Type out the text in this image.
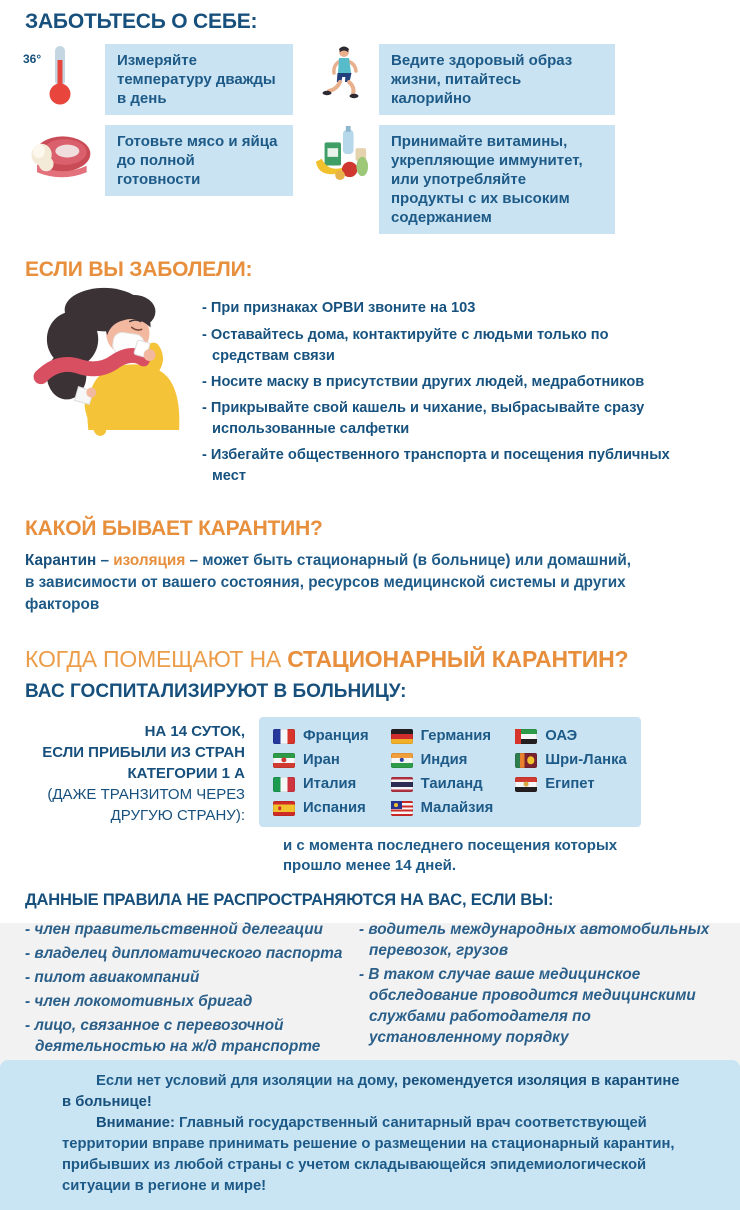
ЗАБОТЬТЕСЬ О СЕБЕ:
36°	Измеряйте температуру дважды в день
Ведите здоровый образ жизни, питайтесь калорийно
Готовьте мясо и яйца до полной готовности
Принимайте витамины, укрепляющие иммунитет, или употребляйте продукты с их высоким содержанием
ЕСЛИ ВЫ ЗАБОЛЕЛИ:
- При признаках ОРВИ звоните на 103
- Оставайтесь дома, контактируйте с людьми только по средствам связи
- Носите маску в присутствии других людей, медработников
- Прикрывайте свой кашель и чихание, выбрасывайте сразу использованные салфетки
- Избегайте общественного транспорта и посещения публичных мест
КАКОЙ БЫВАЕТ КАРАНТИН?

Карантин – изоляция – может быть стационарный (в больнице) или домашний, в зависимости от вашего состояния, ресурсов медицинской системы и других факторов

КОГДА ПОМЕЩАЮТ НА СТАЦИОНАРНЫЙ КАРАНТИН?
ВАС ГОСПИТАЛИЗИРУЮТ В БОЛЬНИЦУ:
НА 14 СУТОК,
ЕСЛИ ПРИБЫЛИ ИЗ СТРАН
КАТЕГОРИИ 1 А
(ДАЖЕ ТРАНЗИТОМ ЧЕРЕЗ
ДРУГУЮ СТРАНУ):
Франция
Иран
Италия
Испания
Германия
Индия
Таиланд
Малайзия
ОАЭ
Шри-Ланка
Египет

и с момента последнего посещения которых прошло менее 14 дней.

ДАННЫЕ ПРАВИЛА НЕ РАСПРОСТРАНЯЮТСЯ НА ВАС, ЕСЛИ ВЫ:
- член правительственной делегации
- владелец дипломатического паспорта
- пилот авиакомпаний
- член локомотивных бригад
- лицо, связанное с перевозочной деятельностью на ж/д транспорте
- водитель международных автомобильных перевозок, грузов
- В таком случае ваше медицинское обследование проводится медицинскими службами работодателя по установленному порядку

Если нет условий для изоляции на дому, рекомендуется изоляция в карантине в больнице!

Внимание: Главный государственный санитарный врач соответствующей территории вправе принимать решение о размещении на стационарный карантин, прибывших из любой страны с учетом складывающейся эпидемиологической ситуации в регионе и мире!
